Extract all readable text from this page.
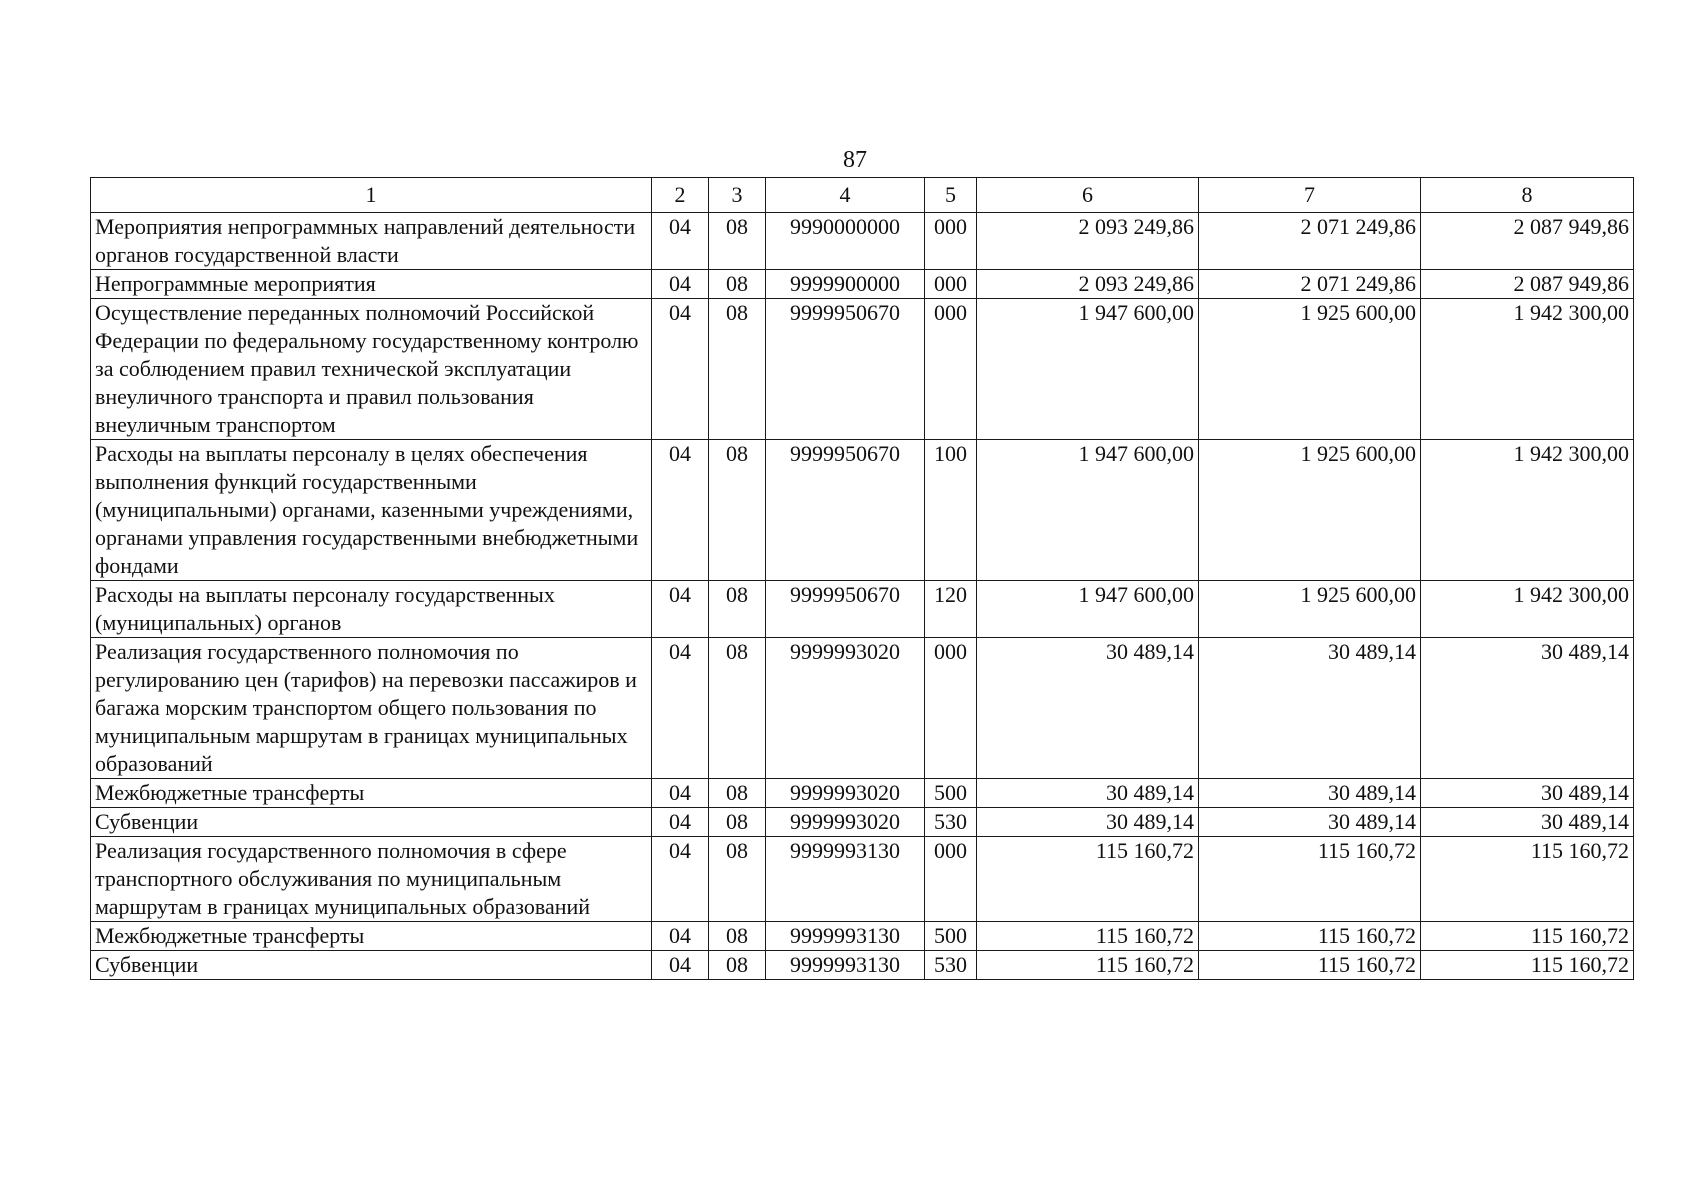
87
1	2	3	4	5	6	7	8
Мероприятия непрограммных направлений деятельности органов государственной власти	04	08	9990000000	000	2 093 249,86	2 071 249,86	2 087 949,86
Непрограммные мероприятия	04	08	9999900000	000	2 093 249,86	2 071 249,86	2 087 949,86
Осуществление переданных полномочий Российской Федерации по федеральному государственному контролю за соблюдением правил технической эксплуатации внеуличного транспорта и правил пользования внеуличным транспортом	04	08	9999950670	000	1 947 600,00	1 925 600,00	1 942 300,00
Расходы на выплаты персоналу в целях обеспечения выполнения функций государственными (муниципальными) органами, казенными учреждениями, органами управления государственными внебюджетными фондами	04	08	9999950670	100	1 947 600,00	1 925 600,00	1 942 300,00
Расходы на выплаты персоналу государственных (муниципальных) органов	04	08	9999950670	120	1 947 600,00	1 925 600,00	1 942 300,00
Реализация государственного полномочия по регулированию цен (тарифов) на перевозки пассажиров и багажа морским транспортом общего пользования по муниципальным маршрутам в границах муниципальных образований	04	08	9999993020	000	30 489,14	30 489,14	30 489,14
Межбюджетные трансферты	04	08	9999993020	500	30 489,14	30 489,14	30 489,14
Субвенции	04	08	9999993020	530	30 489,14	30 489,14	30 489,14
Реализация государственного полномочия в сфере транспортного обслуживания по муниципальным маршрутам в границах муниципальных образований	04	08	9999993130	000	115 160,72	115 160,72	115 160,72
Межбюджетные трансферты	04	08	9999993130	500	115 160,72	115 160,72	115 160,72
Субвенции	04	08	9999993130	530	115 160,72	115 160,72	115 160,72
